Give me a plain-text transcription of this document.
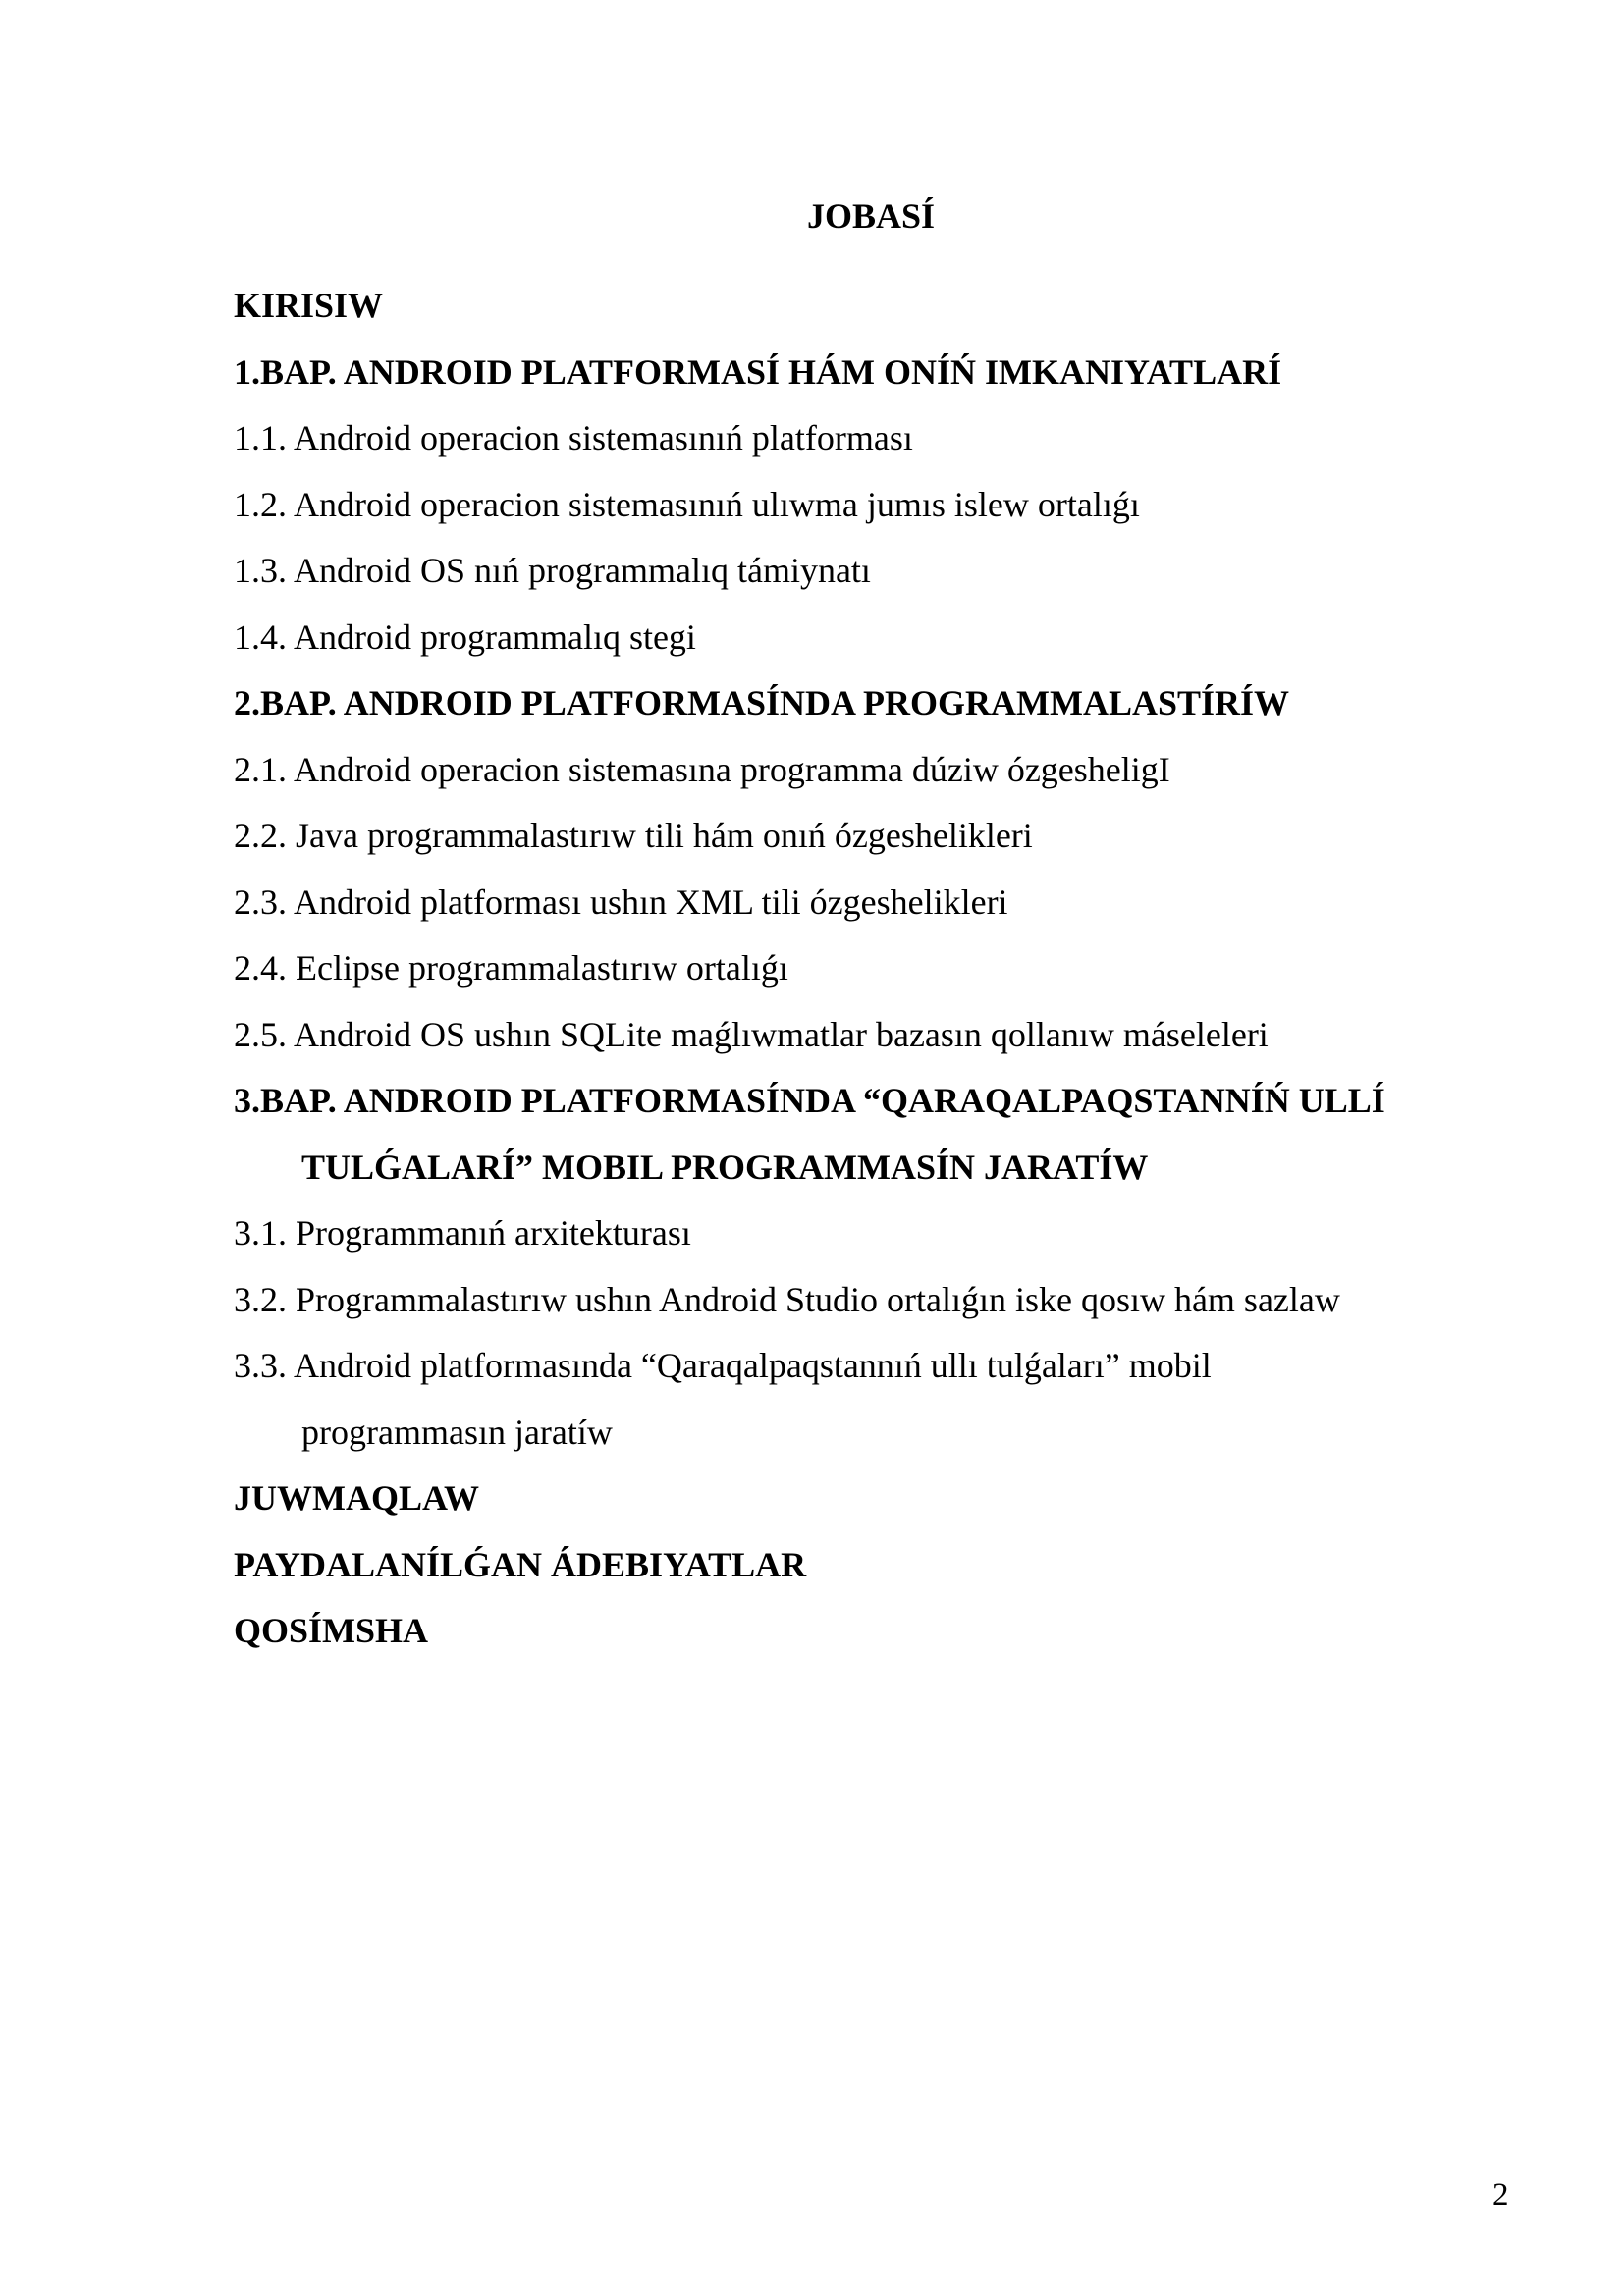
JOBASÍ
KIRISIW
1.BAP. ANDROID PLATFORMASÍ HÁM ONÍŃ IMKANIYATLARÍ
1.1. Android operacion sistemasınıń platforması
1.2. Android operacion sistemasınıń ulıwma jumıs islew ortalıǵı
1.3. Android OS nıń programmalıq támiynatı
1.4. Android programmalıq stegi
2.BAP. ANDROID PLATFORMASÍNDA PROGRAMMALASTÍRÍW
2.1. Android operacion sistemasına programma dúziw ózgesheligI
2.2. Java programmalastırıw tili hám onıń ózgeshelikleri
2.3. Android platforması ushın XML tili ózgeshelikleri
2.4. Eclipse programmalastırıw ortalıǵı
2.5. Android OS ushın SQLite maǵlıwmatlar bazasın qollanıw máseleleri
3.BAP. ANDROID PLATFORMASÍNDA “QARAQALPAQSTANNÍŃ ULLÍ
TULǴALARÍ” MOBIL PROGRAMMASÍN JARATÍW
3.1. Programmanıń arxitekturası
3.2. Programmalastırıw ushın Android Studio ortalıǵın iske qosıw hám sazlaw
3.3. Android platformasında “Qaraqalpaqstannıń ullı tulǵaları” mobil
programmasın jaratíw
JUWMAQLAW
PAYDALANÍLǴAN ÁDEBIYATLAR
QOSÍMSHA
2
